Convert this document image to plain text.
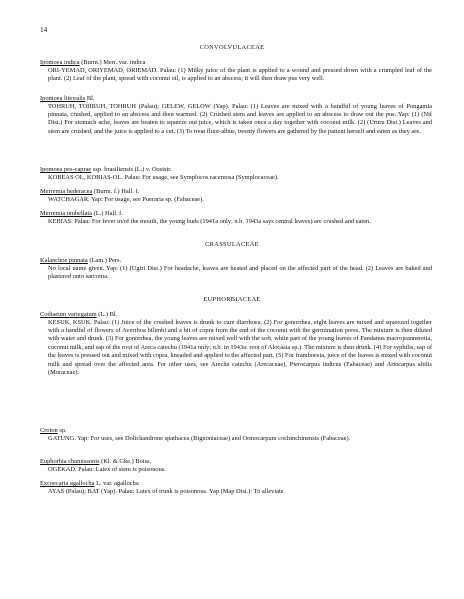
14
CONVOLVULACEAE
Ipomoea indica (Burm.) Merr. var. indica
ORI-YEMAD, ORIYEMAD, ORIEMAD. Palau: (1) Milky juice of the plant is applied to a wound and pressed down with a crumpled leaf of the plant. (2) Leaf of the plant, spread with coconut oil, is applied to an abscess; it will then draw pus very well.
Ipomoea littoralis Bl.
TOHRUH, TOHRUH, TOHRUH (Palau); GELEW, GELOW (Yap). Palau: (1) Leaves are mixed with a handful of young leaves of Pongamia pinnata, crushed, applied to an abscess and then warmed. (2) Crushed stem and leaves are applied to an abscess to draw out the pus. Yap: (1) (Nif Dist.) For stomach ache, leaves are beaten to squeeze out juice, which is taken once a day together with coconut milk. (2) (Ururu Dist.) Leaves and stem are crushed, and the juice is applied to a cut. (3) To treat fluor-albus, twenty flowers are gathered by the patient herself and eaten as they are.
Ipomoea pes-caprae ssp. brasiliensis (L.) v. Ooststr.
KOBEAS OL, KOBIAS-OL. Palau: For usage, see Symplocos racemosa (Symplocaceae).
Merremia hederacea (Burm. f.) Hall. f.
WATCHAGAR. Yap: For usage, see Pueraria sp. (Fabaceae).
Merremia umbellata (L.) Hall. f.
KEBIAS. Palau: For fever in/of the mouth, the young buds (1941a only; n.b. 1943a says central leaves) are crushed and eaten.
CRASSULACEAE
Kalanchoe pinnata (Lam.) Pers.
No local name given. Yap: (1) (Ugiri Dist.) For headache, leaves are heated and placed on the affected part of the head. (2) Leaves are baked and plastered onto sarcoma.
EUPHORBIACEAE
Codiaeum variegatum (L.) Bl.
KESUK, KSUK. Palau: (1) Juice of the crushed leaves is drunk to cure diarrhoea. (2) For gonorrhea, eight leaves are mixed and squeezed together with a handful of flowers of Averrhoa bilimbi and a bit of copra from the end of the coconut with the germination pores. The mixture is then diluted with water and drunk. (3) For gonorrhea, the young leaves are mixed well with the soft, white part of the young leaves of Pandanus macrojeanneretia, coconut milk, and sap of the root of Areca catechu (1941a only; n.b. in 1943a: root of Alocasia sp.). The mixture is then drunk. (4) For syphilis, sap of the leaves is pressed out and mixed with copra, kneaded and applied to the affected part. (5) For framboesia, juice of the leaves is mixed with coconut milk and spread over the affected area. For other uses, see Arecha catechu (Arecaceae), Pterocarpus indicus (Fabaceae) and Artocarpus altilis (Moraceae).
Croton sp.
GATUNG. Yap: For uses, see Dolichandrone spathacea (Bignoniaceae) and Ormocarpum cochinchinensis (Fabaceae).
Euphorbia chamissonis (Kl. & Gke.) Boiss.
OGEKAD. Palau: Latex of stem is poisonous.
Excoecaria agallocha L. var. agallocha
AYAS (Palau); BAT (Yap). Palau: Latex of trunk is poisonous. Yap (Map Dist.): To alleviate
